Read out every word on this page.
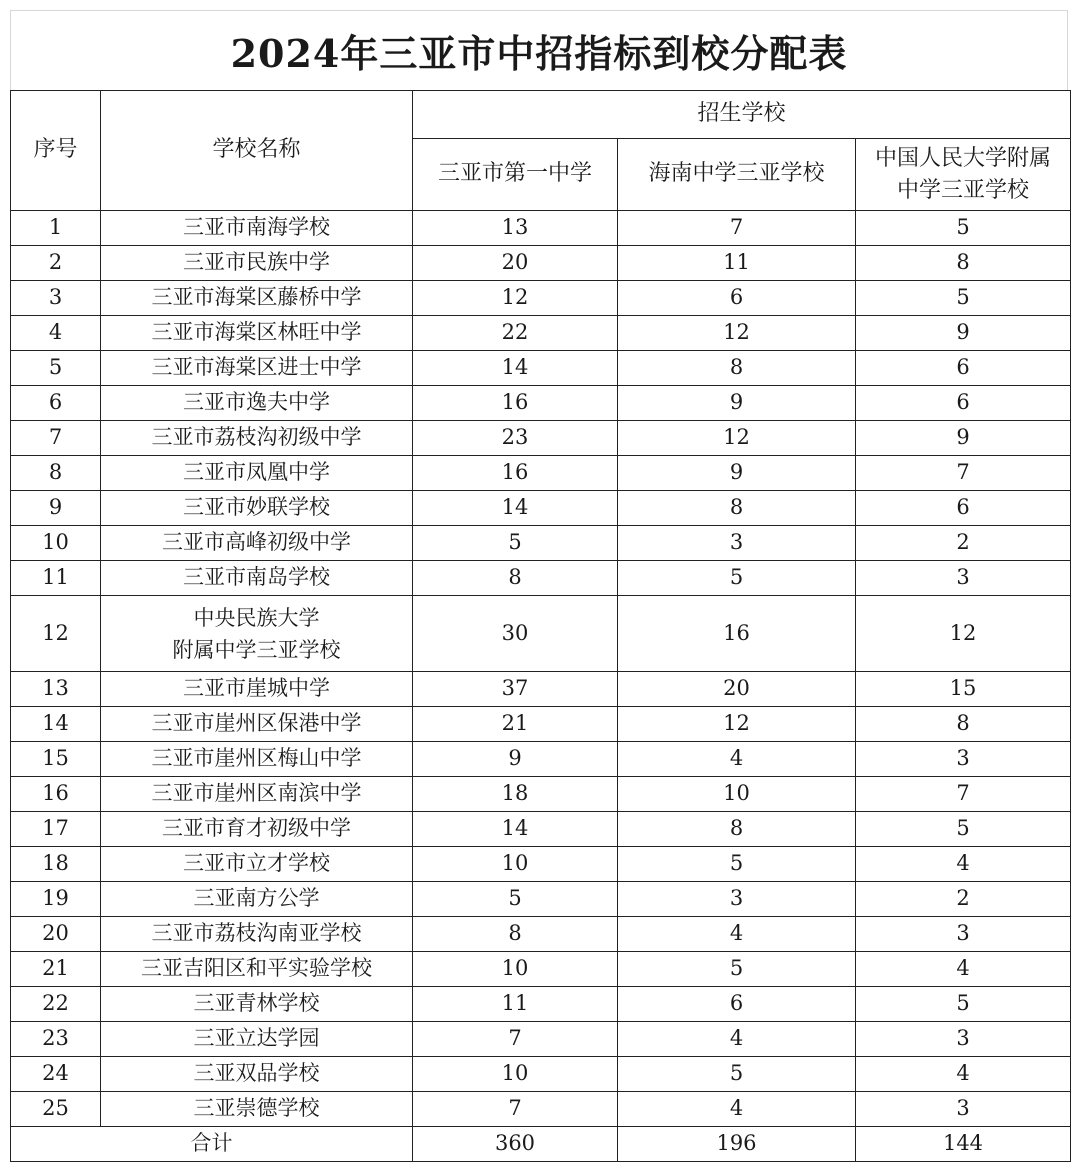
2024年三亚市中招指标到校分配表
序号	学校名称	招生学校		
		三亚市第一中学	海南中学三亚学校	中国人民大学附属
中学三亚学校

1	三亚市南海学校	13	7	5
2	三亚市民族中学	20	11	8
3	三亚市海棠区藤桥中学	12	6	5
4	三亚市海棠区林旺中学	22	12	9
5	三亚市海棠区进士中学	14	8	6
6	三亚市逸夫中学	16	9	6
7	三亚市荔枝沟初级中学	23	12	9
8	三亚市凤凰中学	16	9	7
9	三亚市妙联学校	14	8	6
10	三亚市高峰初级中学	5	3	2
11	三亚市南岛学校	8	5	3
12	中央民族大学
附属中学三亚学校	30	16	12
13	三亚市崖城中学	37	20	15
14	三亚市崖州区保港中学	21	12	8
15	三亚市崖州区梅山中学	9	4	3
16	三亚市崖州区南滨中学	18	10	7
17	三亚市育才初级中学	14	8	5
18	三亚市立才学校	10	5	4
19	三亚南方公学	5	3	2
20	三亚市荔枝沟南亚学校	8	4	3
21	三亚吉阳区和平实验学校	10	5	4
22	三亚青林学校	11	6	5
23	三亚立达学园	7	4	3
24	三亚双品学校	10	5	4
25	三亚崇德学校	7	4	3
合计		360	196	144
